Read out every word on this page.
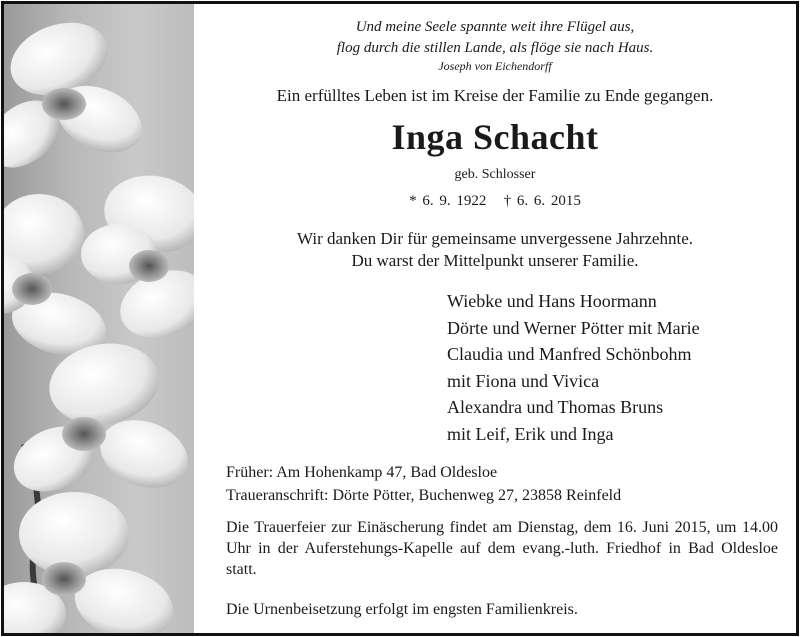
Und meine Seele spannte weit ihre Flügel aus,
flog durch die stillen Lande, als flöge sie nach Haus.
Joseph von Eichendorff
Ein erfülltes Leben ist im Kreise der Familie zu Ende gegangen.
Inga Schacht
geb. Schlosser
* 6. 9. 1922   † 6. 6. 2015
Wir danken Dir für gemeinsame unvergessene Jahrzehnte.
Du warst der Mittelpunkt unserer Familie.
Wiebke und Hans Hoormann
Dörte und Werner Pötter mit Marie
Claudia und Manfred Schönbohm
mit Fiona und Vivica
Alexandra und Thomas Bruns
mit Leif, Erik und Inga
Früher: Am Hohenkamp 47, Bad Oldesloe
Traueranschrift: Dörte Pötter, Buchenweg 27, 23858 Reinfeld
Die Trauerfeier zur Einäscherung findet am Dienstag, dem 16. Juni 2015, um 14.00 Uhr in der Auferstehungs-Kapelle auf dem evang.-luth. Friedhof in Bad Oldesloe statt.
Die Urnenbeisetzung erfolgt im engsten Familienkreis.
